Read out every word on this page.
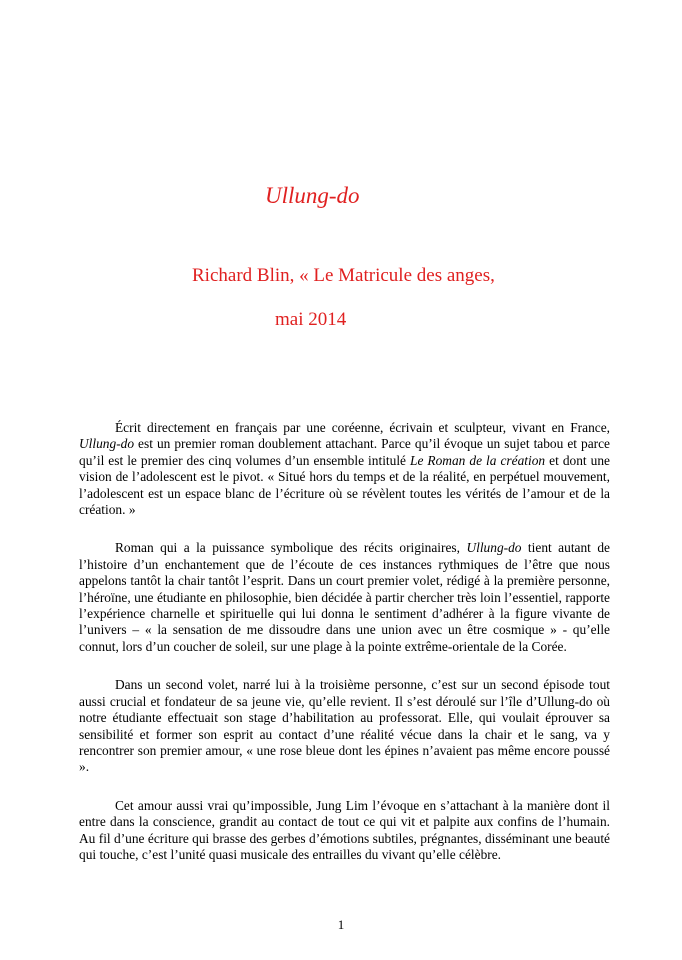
Ullung-do
Richard Blin, « Le Matricule des anges,
mai 2014

Écrit directement en français par une coréenne, écrivain et sculpteur, vivant en France, Ullung-do est un premier roman doublement attachant. Parce qu’il évoque un sujet tabou et parce qu’il est le premier des cinq volumes d’un ensemble intitulé Le Roman de la création et dont une vision de l’adolescent est le pivot. « Situé hors du temps et de la réalité, en perpétuel mouvement, l’adolescent est un espace blanc de l’écriture où se révèlent toutes les vérités de l’amour et de la création. »

Roman qui a la puissance symbolique des récits originaires, Ullung-do tient autant de l’histoire d’un enchantement que de l’écoute de ces instances rythmiques de l’être que nous appelons tantôt la chair tantôt l’esprit. Dans un court premier volet, rédigé à la première personne, l’héroïne, une étudiante en philosophie, bien décidée à partir chercher très loin l’essentiel, rapporte l’expérience charnelle et spirituelle qui lui donna le sentiment d’adhérer à la figure vivante de l’univers – « la sensation de me dissoudre dans une union avec un être cosmique » - qu’elle connut, lors d’un coucher de soleil, sur une plage à la pointe extrême-orientale de la Corée.

Dans un second volet, narré lui à la troisième personne, c’est sur un second épisode tout aussi crucial et fondateur de sa jeune vie, qu’elle revient. Il s’est déroulé sur l’île d’Ullung-do où notre étudiante effectuait son stage d’habilitation au professorat. Elle, qui voulait éprouver sa sensibilité et former son esprit au contact d’une réalité vécue dans la chair et le sang, va y rencontrer son premier amour, « une rose bleue dont les épines n’avaient pas même encore poussé ».

Cet amour aussi vrai qu’impossible, Jung Lim l’évoque en s’attachant à la manière dont il entre dans la conscience, grandit au contact de tout ce qui vit et palpite aux confins de l’humain. Au fil d’une écriture qui brasse des gerbes d’émotions subtiles, prégnantes, disséminant une beauté qui touche, c’est l’unité quasi musicale des entrailles du vivant qu’elle célèbre.

1
